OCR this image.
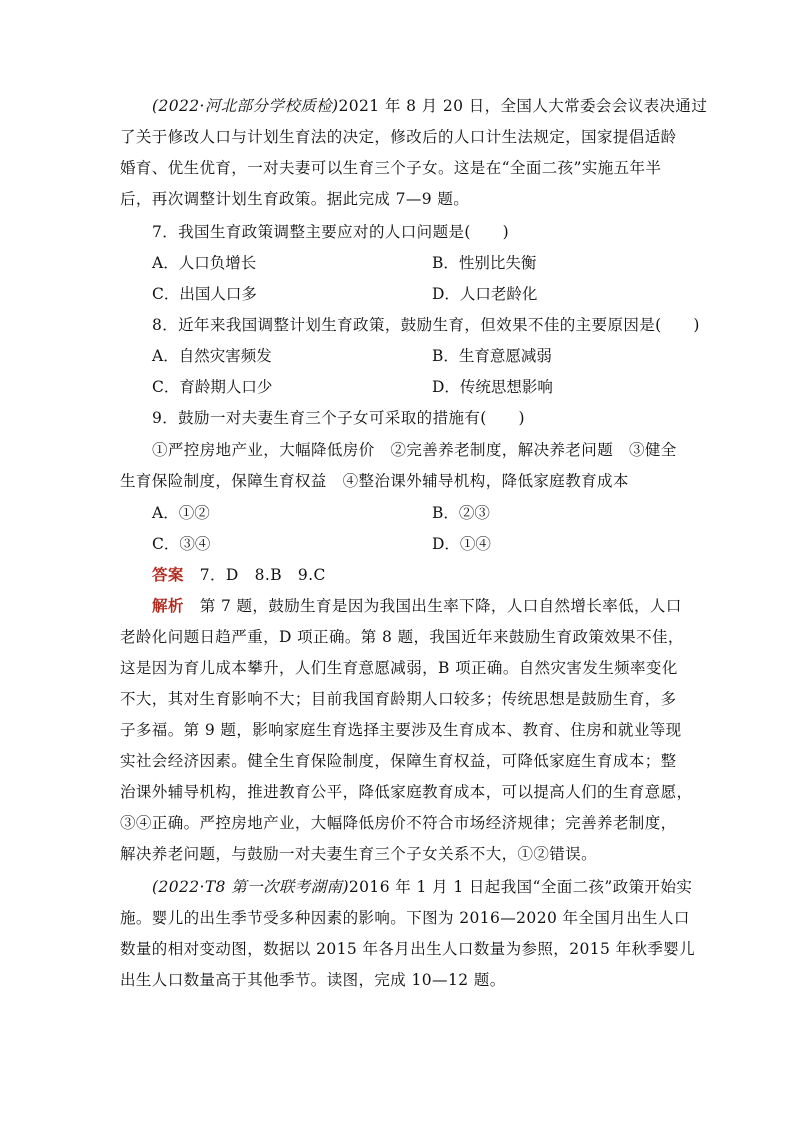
(2022·河北部分学校质检)2021 年 8 月 20 日，全国人大常委会会议表决通过
了关于修改人口与计划生育法的决定，修改后的人口计生法规定，国家提倡适龄
婚育、优生优育，一对夫妻可以生育三个子女。这是在“全面二孩”实施五年半
后，再次调整计划生育政策。据此完成 7—9 题。
7．我国生育政策调整主要应对的人口问题是(　　)
A．人口负增长	B．性别比失衡
C．出国人口多	D．人口老龄化
8．近年来我国调整计划生育政策，鼓励生育，但效果不佳的主要原因是(　　)
A．自然灾害频发	B．生育意愿减弱
C．育龄期人口少	D．传统思想影响
9．鼓励一对夫妻生育三个子女可采取的措施有(　　)
①严控房地产业，大幅降低房价　②完善养老制度，解决养老问题　③健全
生育保险制度，保障生育权益　④整治课外辅导机构，降低家庭教育成本
A．①②	B．②③
C．③④	D．①④
答案　 7．D　8.B　9.C
解析　 第 7 题，鼓励生育是因为我国出生率下降，人口自然增长率低，人口
老龄化问题日趋严重，D 项正确。第 8 题，我国近年来鼓励生育政策效果不佳，
这是因为育儿成本攀升，人们生育意愿减弱，B 项正确。自然灾害发生频率变化
不大，其对生育影响不大；目前我国育龄期人口较多；传统思想是鼓励生育，多
子多福。第 9 题，影响家庭生育选择主要涉及生育成本、教育、住房和就业等现
实社会经济因素。健全生育保险制度，保障生育权益，可降低家庭生育成本；整
治课外辅导机构，推进教育公平，降低家庭教育成本，可以提高人们的生育意愿，
③④正确。严控房地产业，大幅降低房价不符合市场经济规律；完善养老制度，
解决养老问题，与鼓励一对夫妻生育三个子女关系不大，①②错误。
(2022·T8 第一次联考湖南)2016 年 1 月 1 日起我国“全面二孩”政策开始实
施。婴儿的出生季节受多种因素的影响。下图为 2016—2020 年全国月出生人口
数量的相对变动图，数据以 2015 年各月出生人口数量为参照，2015 年秋季婴儿
出生人口数量高于其他季节。读图，完成 10—12 题。
